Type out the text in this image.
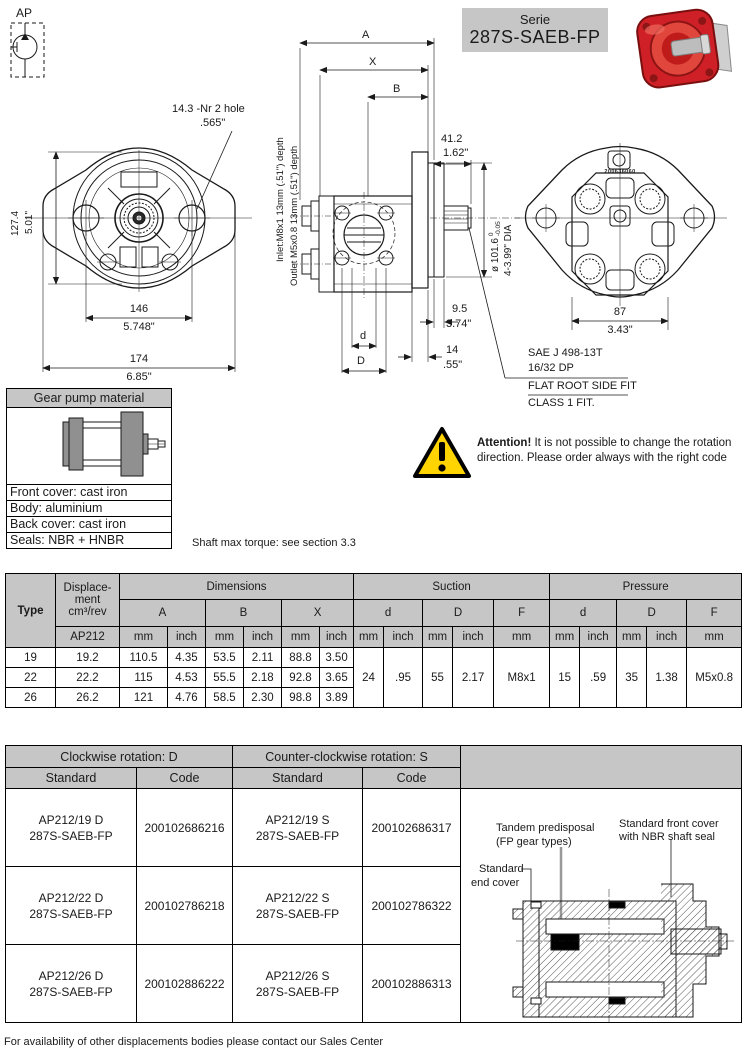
AP	Serie
287S-SAEB-FP
14.3 -Nr 2 hole
.565"
127.4 5.01"
146
5.748"
174
6.85"
A
X
B
Inlet:M8x1 13mm (.51") depth Outlet M5x0.8 13mm (.51") depth
41.2
1.62"
ø 101.6
0 -0.05 4-3.99" DIA
9.5
3.74"
14
.55"
d
D
SAE J 498-13T
16/32 DP
FLAT ROOT SIDE FIT
CLASS 1 FIT.
200636060
87
3.43"
Gear pump material
Front cover: cast iron
Body: aluminium
Back cover: cast iron
Seals: NBR + HNBR	Shaft max torque: see section 3.3
Attention! It is not possible to change the rotation
direction. Please order always with the right code
Type	Displace-
ment
cm³/rev	Dimensions						Suction					Pressure				
		A		B		X		d		D		F	d		D		F
	AP212	mm	inch	mm	inch	mm	inch	mm	inch	mm	inch	mm	mm	inch	mm	inch	mm
19	19.2	110.5	4.35	53.5	2.11	88.8	3.50	24	.95	55	2.17	M8x1	15	.59	35	1.38	M5x0.8
22	22.2	115	4.53	55.5	2.18	92.8	3.65										
26	26.2	121	4.76	58.5	2.30	98.8	3.89										
Clockwise rotation: D		Counter-clockwise rotation: S		
Standard	Code	Standard	Code	

AP212/19 D
287S-SAEB-FP
	200102686216	
AP212/19 S
287S-SAEB-FP
	200102686317	Tandem predisposal
(FP gear types)
Standard front cover
with NBR shaft seal
Standard
end cover

AP212/22 D
287S-SAEB-FP
	200102786218	
AP212/22 S
287S-SAEB-FP
	200102786322

AP212/26 D
287S-SAEB-FP
	200102886222	
AP212/26 S
287S-SAEB-FP
	200102886313
For availability of other displacements bodies please contact our Sales Center
